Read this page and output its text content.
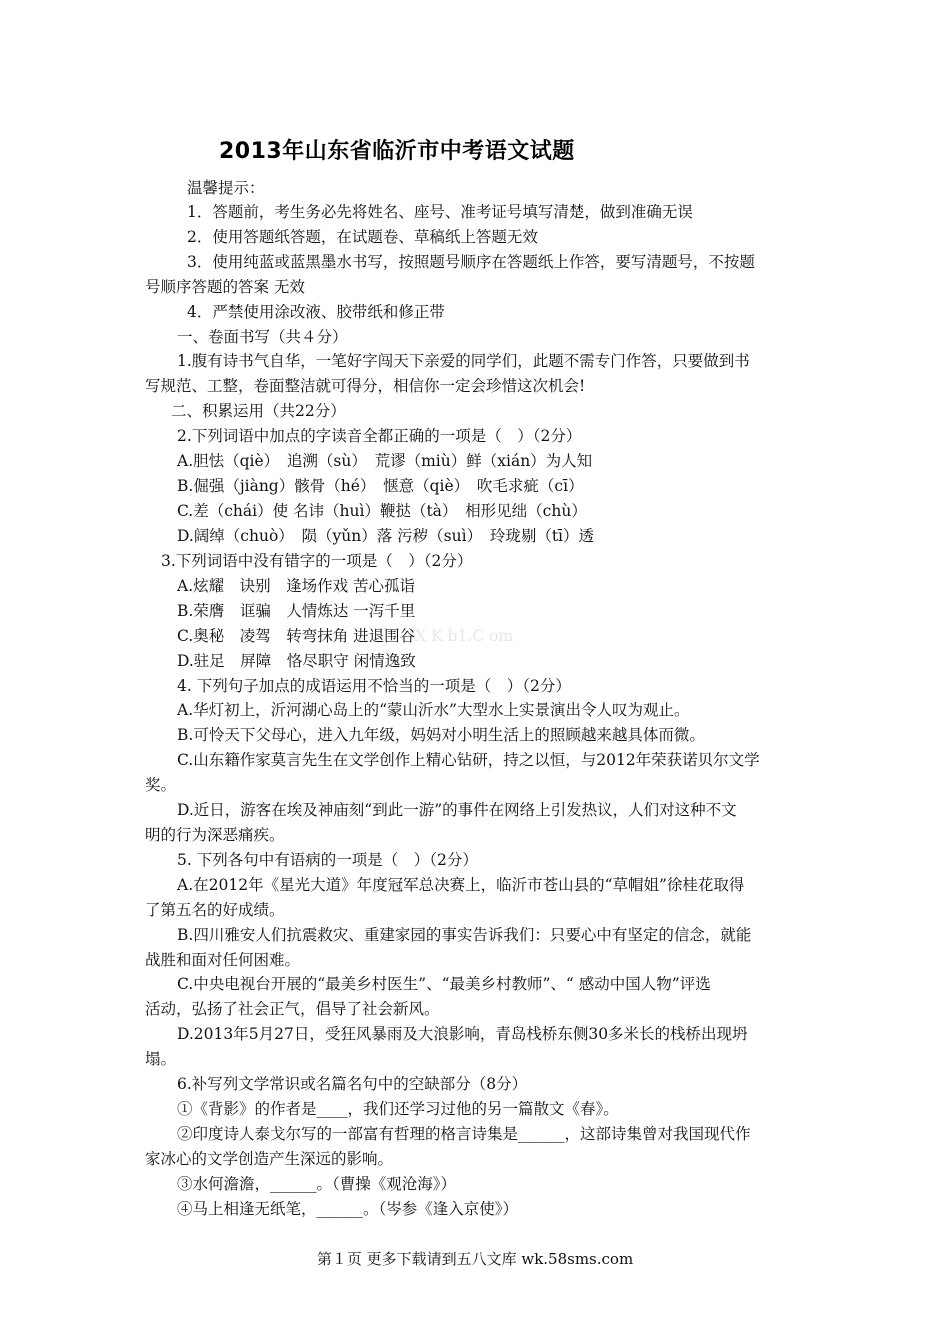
2013年山东省临沂市中考语文试题
温馨提示：
1．答题前，考生务必先将姓名、座号、准考证号填写清楚，做到准确无误
2．使用答题纸答题，在试题卷、草稿纸上答题无效
3．使用纯蓝或蓝黑墨水书写，按照题号顺序在答题纸上作答，要写清题号，不按题
号顺序答题的答案 无效
4．严禁使用涂改液、胶带纸和修正带
一、卷面书写（共４分）
1.腹有诗书气自华，一笔好字闯天下亲爱的同学们，此题不需专门作答，只要做到书
写规范、工整，卷面整洁就可得分，相信你一定会珍惜这次机会!
二、积累运用（共22分）
2.下列词语中加点的字读音全都正确的一项是（　）（2分）
A.胆怯（qiè）　追溯（sù）　荒谬（miù）鲜（xián）为人知
B.倔强（jiàng）骸骨（hé）　惬意（qiè）　吹毛求疵（cī）
C.差（chái）使 名讳（huì）鞭挞（tà）　相形见绌（chù）
D.阔绰（chuò）　陨（yǔn）落 污秽（suì）　玲珑剔（tī）透
3.下列词语中没有错字的一项是（　）（2分）
A.炫耀　诀别　逢场作戏 苦心孤诣
B.荣膺　诓骗　人情炼达 一泻千里
C.奥秘　凌驾　转弯抹角 进退围谷X K b1.C om
D.驻足　屏障　恪尽职守 闲情逸致
4. 下列句子加点的成语运用不恰当的一项是（　）（2分）
A.华灯初上，沂河湖心岛上的“蒙山沂水”大型水上实景演出令人叹为观止。
B.可怜天下父母心，进入九年级，妈妈对小明生活上的照顾越来越具体而微。
C.山东籍作家莫言先生在文学创作上精心钻研，持之以恒，与2012年荣获诺贝尔文学
奖。
D.近日，游客在埃及神庙刻“到此一游”的事件在网络上引发热议，人们对这种不文
明的行为深恶痛疾。
5. 下列各句中有语病的一项是（　）（2分）
A.在2012年《星光大道》年度冠军总决赛上，临沂市苍山县的“草帽姐”徐桂花取得
了第五名的好成绩。
B.四川雅安人们抗震救灾、重建家园的事实告诉我们：只要心中有坚定的信念，就能
战胜和面对任何困难。
C.中央电视台开展的“最美乡村医生”、“最美乡村教师”、“ 感动中国人物”评选
活动，弘扬了社会正气，倡导了社会新风。
D.2013年5月27日，受狂风暴雨及大浪影响，青岛栈桥东侧30多米长的栈桥出现坍
塌。
6.补写列文学常识或名篇名句中的空缺部分（8分）
①《背影》的作者是____，我们还学习过他的另一篇散文《春》。
②印度诗人泰戈尔写的一部富有哲理的格言诗集是______，这部诗集曾对我国现代作
家冰心的文学创造产生深远的影响。
③水何澹澹，______。（曹操《观沧海》）
④马上相逢无纸笔，______。（岑参《逢入京使》）
第１页 更多下载请到五八文库 wk.58sms.com
